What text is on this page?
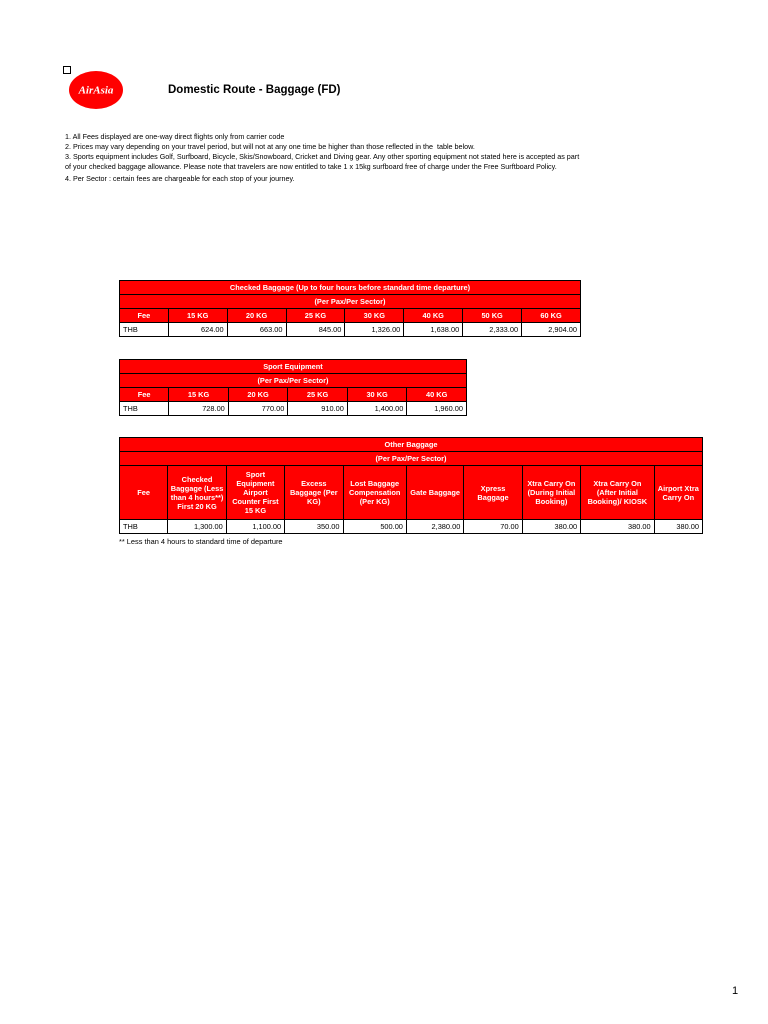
AirAsia	Domestic Route - Baggage (FD)
1. All Fees displayed are one-way direct flights only from carrier code
2. Prices may vary depending on your travel period, but will not at any one time be higher than those reflected in the  table below.
3. Sports equipment includes Golf, Surfboard, Bicycle, Skis/Snowboard, Cricket and Diving gear. Any other sporting equipment not stated here is accepted as part
of your checked baggage allowance. Please note that travelers are now entitled to take 1 x 15kg surfboard free of charge under the Free Surftboard Policy.
4. Per Sector : certain fees are chargeable for each stop of your journey.
Checked Baggage (Up to four hours before standard time departure)							
(Per Pax/Per Sector)							
Fee	15 KG	20 KG	25 KG	30 KG	40 KG	50 KG	60 KG
THB	624.00	663.00	845.00	1,326.00	1,638.00	2,333.00	2,904.00
Sport Equipment					
(Per Pax/Per Sector)					
Fee	15 KG	20 KG	25 KG	30 KG	40 KG
THB	728.00	770.00	910.00	1,400.00	1,960.00
Other Baggage									
(Per Pax/Per Sector)									
Fee	Checked Baggage (Less than 4 hours**) First 20 KG	Sport Equipment Airport Counter First 15 KG	Excess Baggage (Per KG)	Lost Baggage Compensation (Per KG)	Gate Baggage	Xpress Baggage	Xtra Carry On (During Initial Booking)	Xtra Carry On (After Initial Booking)/ KIOSK	Airport Xtra Carry On
THB	1,300.00	1,100.00	350.00	500.00	2,380.00	70.00	380.00	380.00	380.00
** Less than 4 hours to standard time of departure
1
